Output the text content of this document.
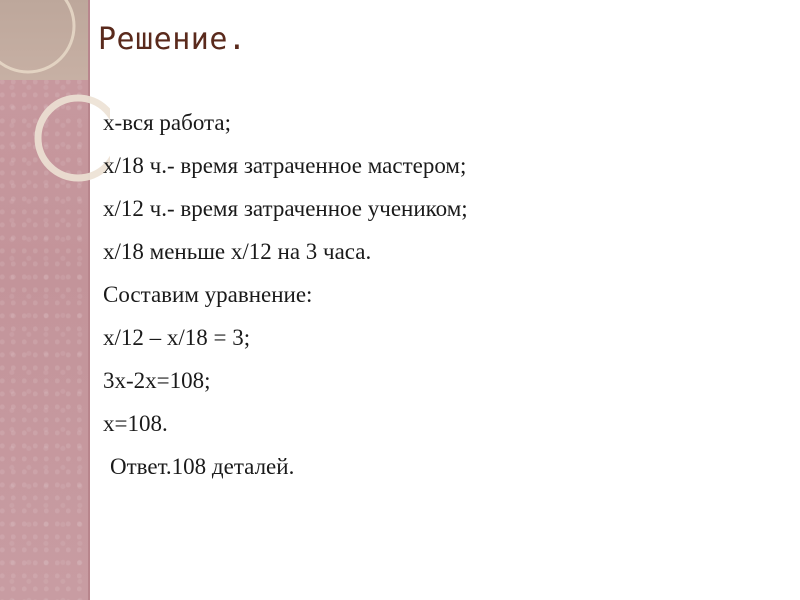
Решение.
х-вся работа;
х/18 ч.- время затраченное мастером;
х/12 ч.- время затраченное учеником;
х/18 меньше х/12 на 3 часа.
Составим уравнение:
х/12 – х/18 = 3;
3х-2х=108;
х=108.
Ответ.108 деталей.
